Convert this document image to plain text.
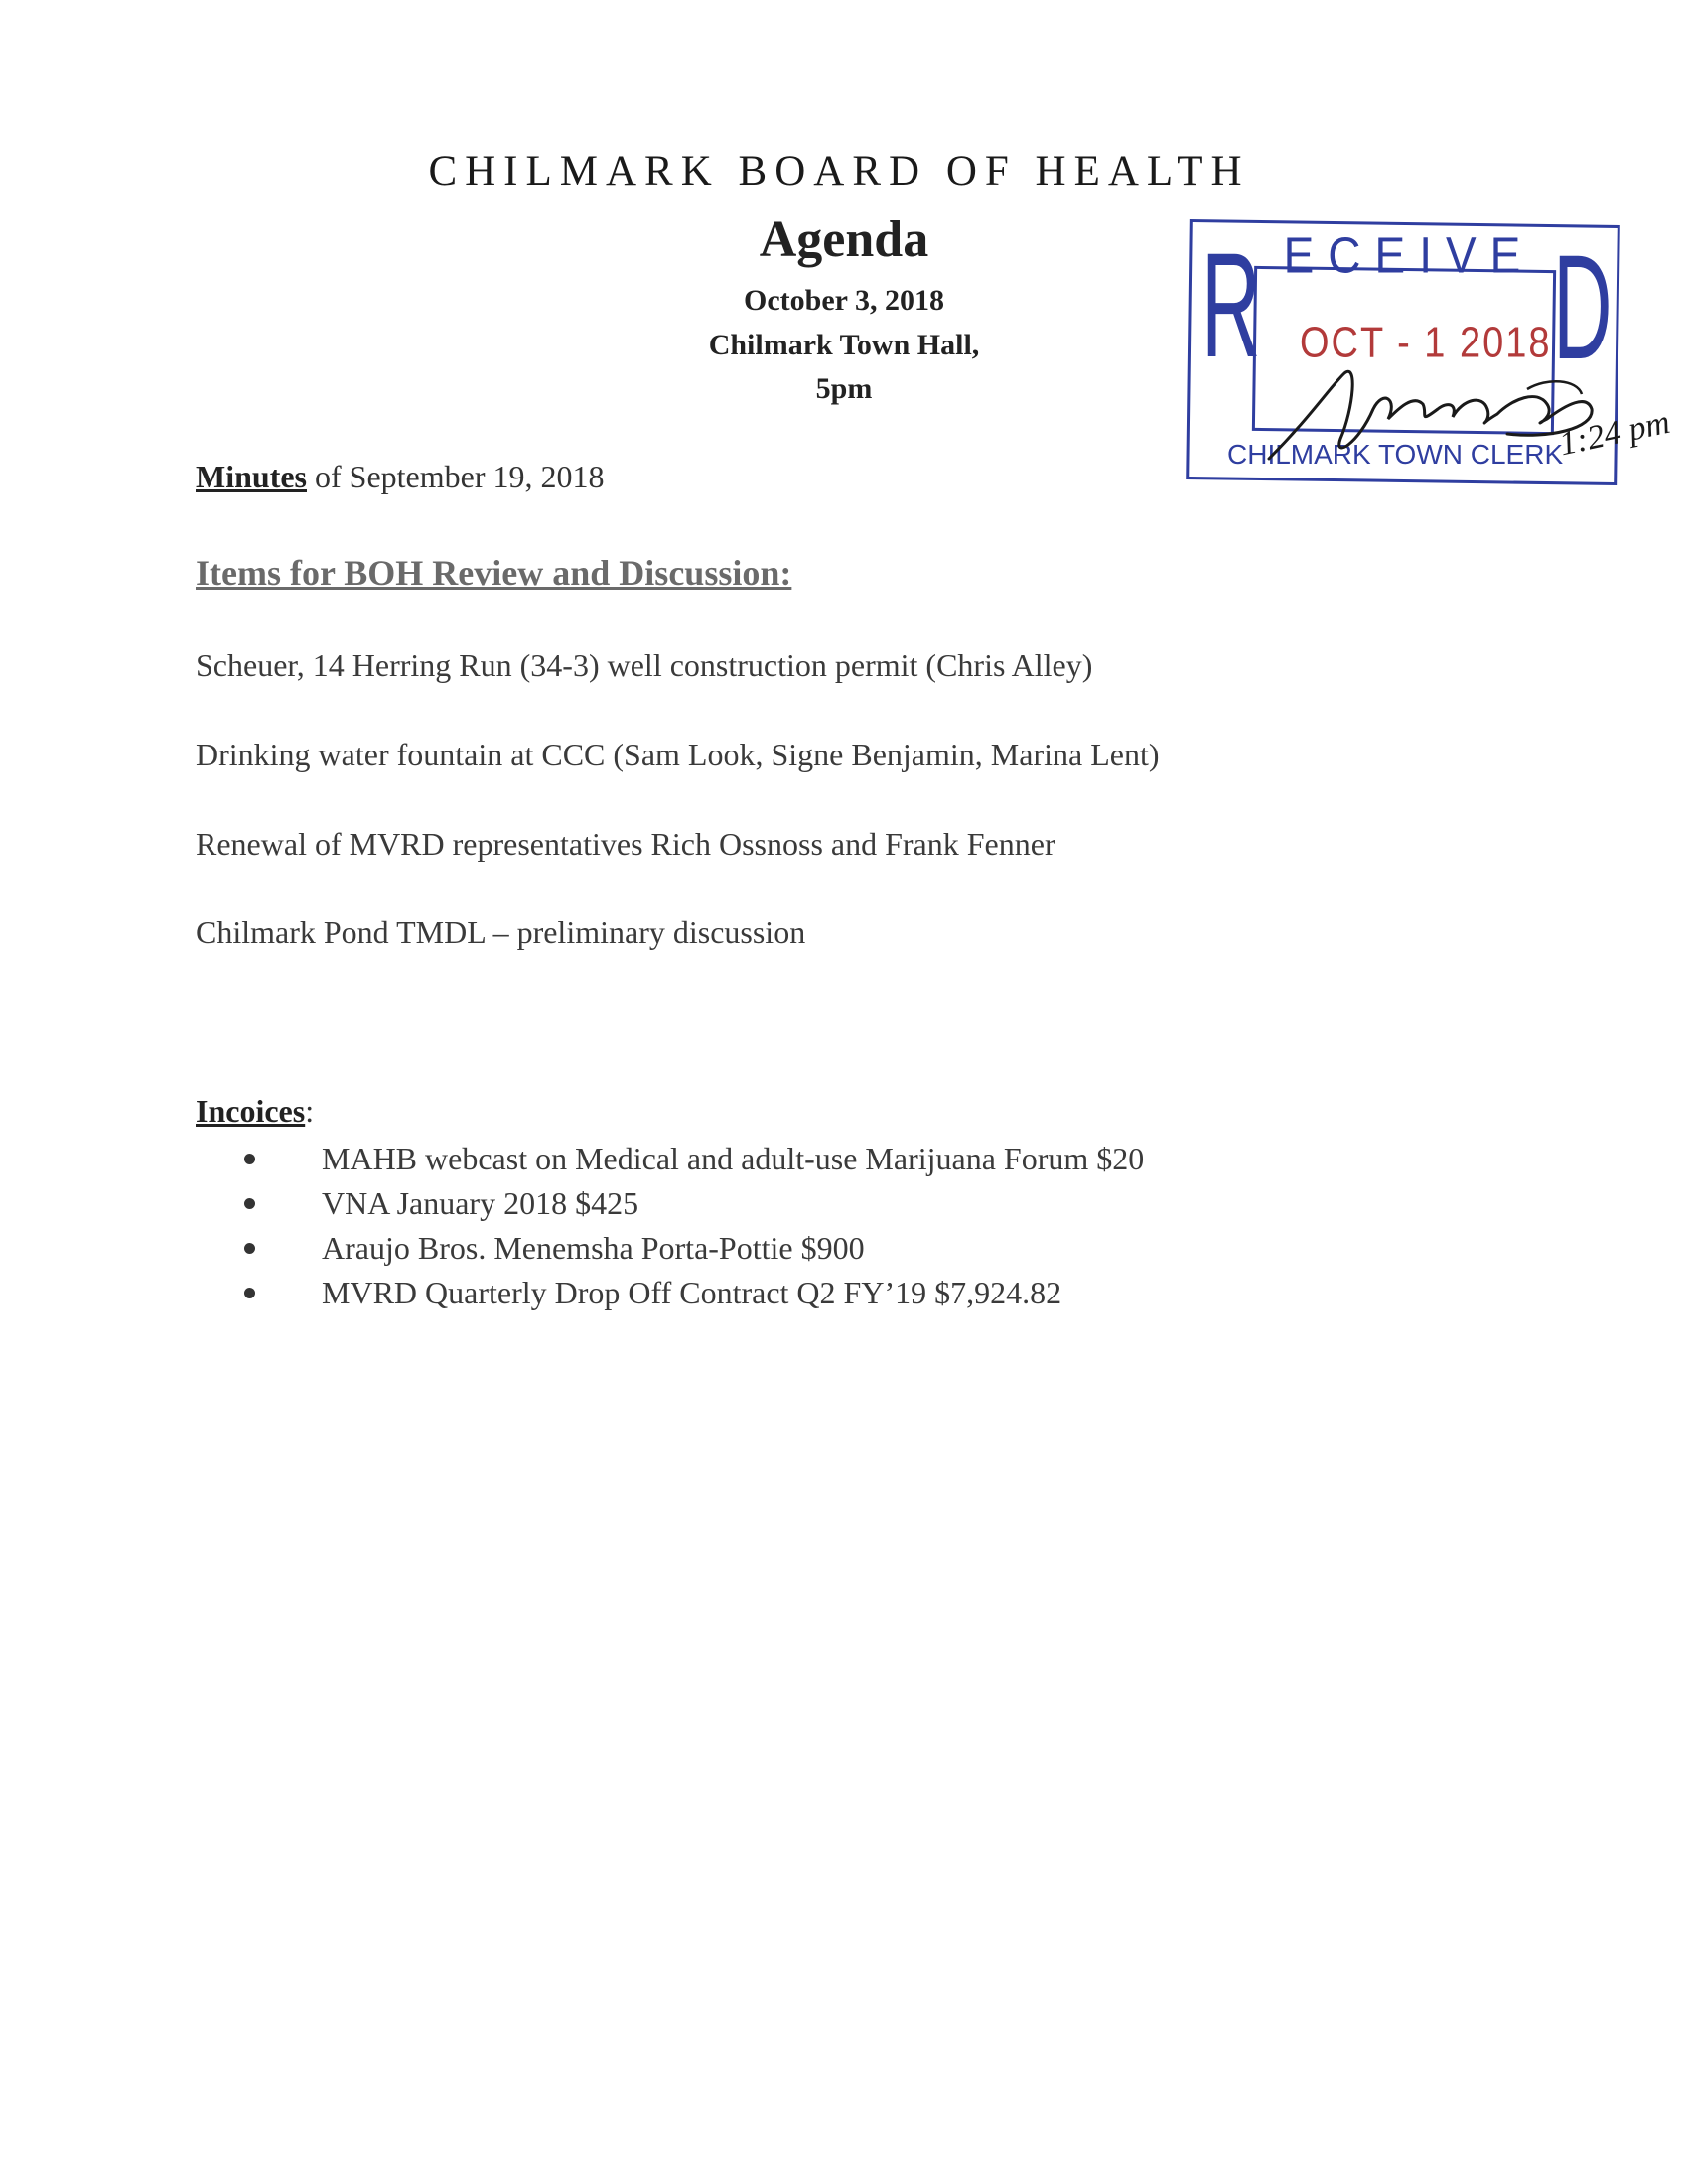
CHILMARK BOARD OF HEALTH
Agenda
October 3, 2018
Chilmark Town Hall,
5pm
Minutes of September 19, 2018
Items for BOH Review and Discussion:
Scheuer, 14 Herring Run (34-3) well construction permit (Chris Alley)
Drinking water fountain at CCC (Sam Look, Signe Benjamin, Marina Lent)
Renewal of MVRD representatives Rich Ossnoss and Frank Fenner
Chilmark Pond TMDL – preliminary discussion
Incoices:
MAHB webcast on Medical and adult-use Marijuana Forum $20
VNA January 2018 $425
Araujo Bros. Menemsha Porta-Pottie $900
MVRD Quarterly Drop Off Contract Q2 FY’19 $7,924.82
R ECEIVE D
OCT - 1 2018
CHILMARK TOWN CLERK
1:24 pm
